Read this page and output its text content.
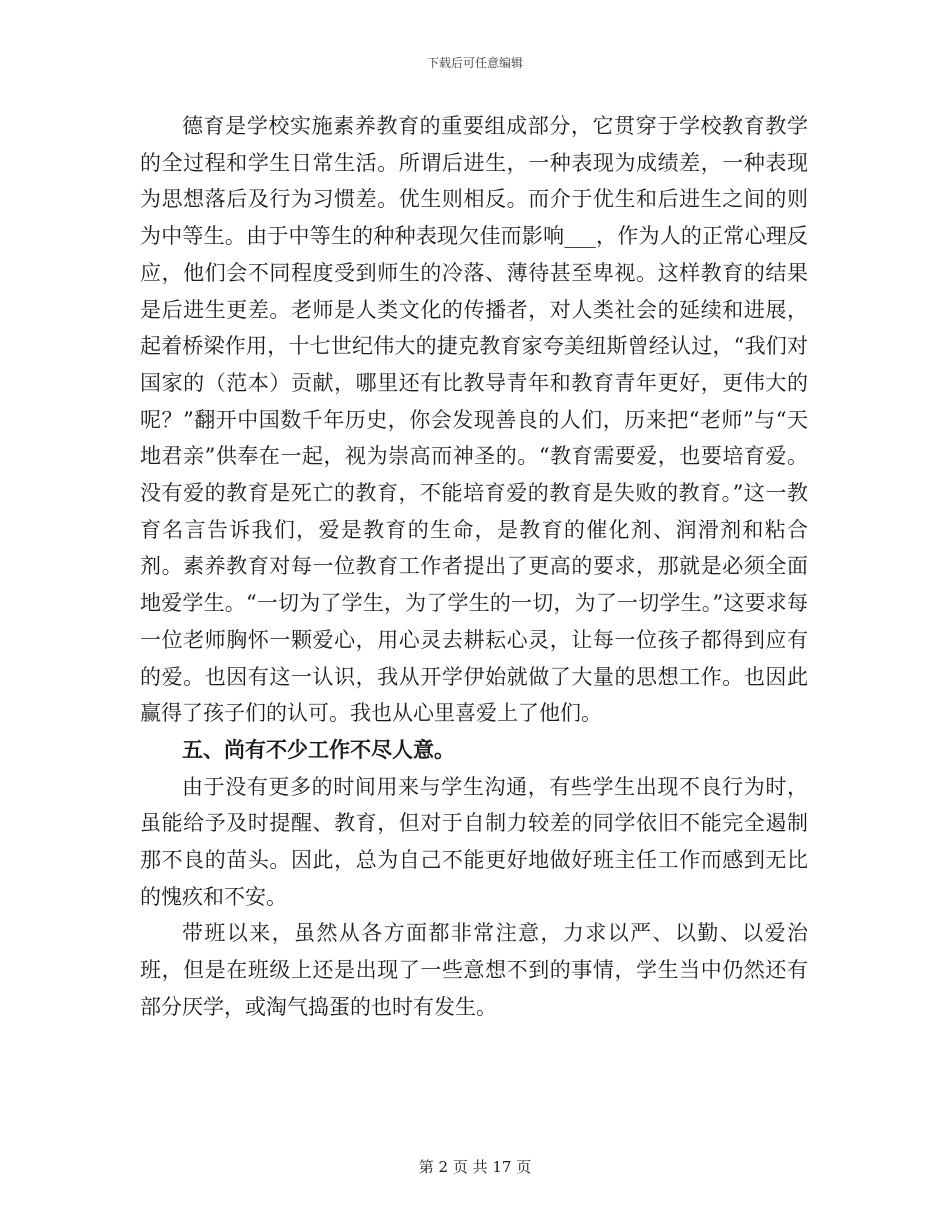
下载后可任意编辑

德育是学校实施素养教育的重要组成部分，它贯穿于学校教育教学的全过程和学生日常生活。所谓后进生，一种表现为成绩差，一种表现为思想落后及行为习惯差。优生则相反。而介于优生和后进生之间的则为中等生。由于中等生的种种表现欠佳而影响___，作为人的正常心理反应，他们会不同程度受到师生的冷落、薄待甚至卑视。这样教育的结果是后进生更差。老师是人类文化的传播者，对人类社会的延续和进展，起着桥梁作用，十七世纪伟大的捷克教育家夸美纽斯曾经认过，“我们对国家的（范本）贡献，哪里还有比教导青年和教育青年更好，更伟大的呢？”翻开中国数千年历史，你会发现善良的人们，历来把“老师”与“天地君亲”供奉在一起，视为崇高而神圣的。“教育需要爱，也要培育爱。没有爱的教育是死亡的教育，不能培育爱的教育是失败的教育。”这一教育名言告诉我们，爱是教育的生命，是教育的催化剂、润滑剂和粘合剂。素养教育对每一位教育工作者提出了更高的要求，那就是必须全面地爱学生。“一切为了学生，为了学生的一切，为了一切学生。”这要求每一位老师胸怀一颗爱心，用心灵去耕耘心灵，让每一位孩子都得到应有的爱。也因有这一认识，我从开学伊始就做了大量的思想工作。也因此赢得了孩子们的认可。我也从心里喜爱上了他们。

五、尚有不少工作不尽人意。

由于没有更多的时间用来与学生沟通，有些学生出现不良行为时，虽能给予及时提醒、教育，但对于自制力较差的同学依旧不能完全遏制那不良的苗头。因此，总为自己不能更好地做好班主任工作而感到无比的愧疚和不安。

带班以来，虽然从各方面都非常注意，力求以严、以勤、以爱治班，但是在班级上还是出现了一些意想不到的事情，学生当中仍然还有部分厌学，或淘气捣蛋的也时有发生。

第 2 页 共 17 页
